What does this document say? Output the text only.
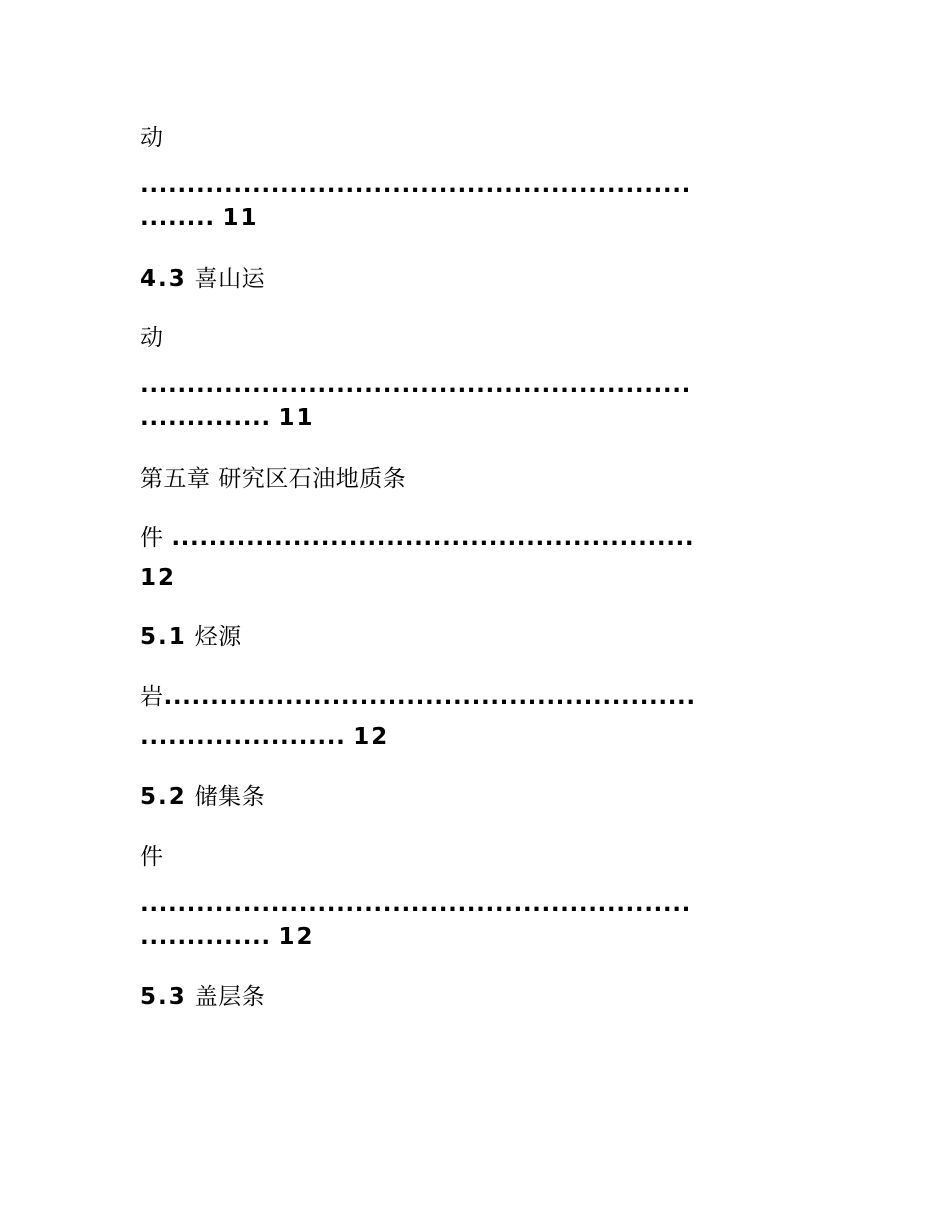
动
...........................................................
........ 11
4.3 喜山运
动
...........................................................
.............. 11
第五章 研究区石油地质条
件 ........................................................
12
5.1 烃源
岩.........................................................
...................... 12
5.2 储集条
件
...........................................................
.............. 12
5.3 盖层条
